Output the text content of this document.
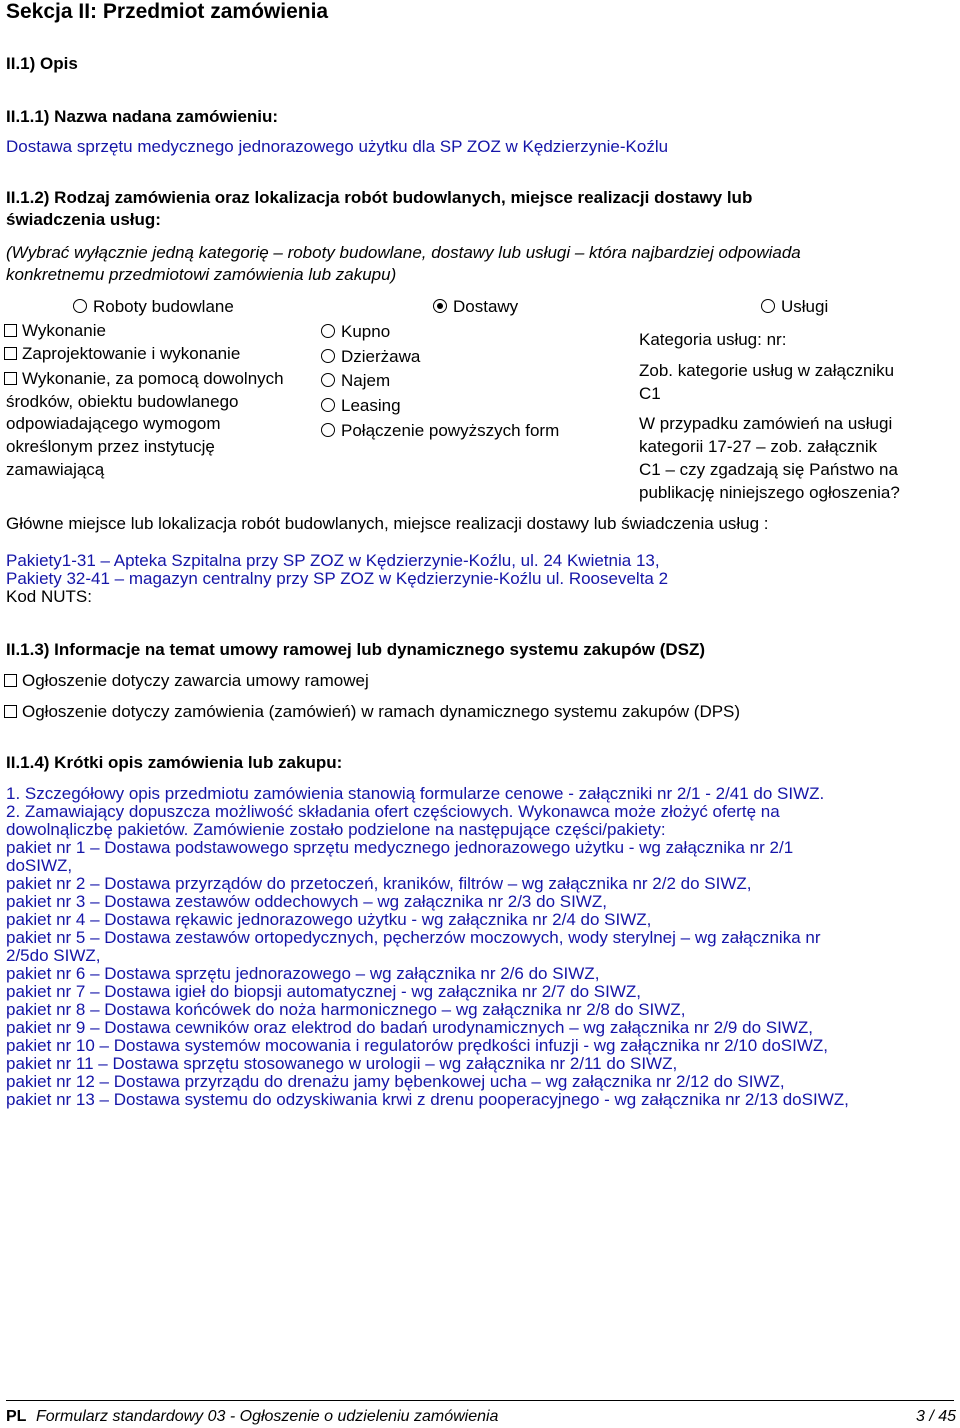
Sekcja II: Przedmiot zamówienia
II.1) Opis
II.1.1) Nazwa nadana zamówieniu:
Dostawa sprzętu medycznego jednorazowego użytku dla SP ZOZ w Kędzierzynie-Koźlu
II.1.2) Rodzaj zamówienia oraz lokalizacja robót budowlanych, miejsce realizacji dostawy lub
świadczenia usług:
(Wybrać wyłącznie jedną kategorię – roboty budowlane, dostawy lub usługi – która najbardziej odpowiada
konkretnemu przedmiotowi zamówienia lub zakupu)
Roboty budowlane	Dostawy	Usługi
Wykonanie
Zaprojektowanie i wykonanie
Wykonanie, za pomocą dowolnych
środków, obiektu budowlanego
odpowiadającego wymogom
określonym przez instytucję
zamawiającą
Kupno
Dzierżawa
Najem
Leasing
Połączenie powyższych form
Kategoria usług: nr:
Zob. kategorie usług w załączniku
C1
W przypadku zamówień na usługi
kategorii 17-27 – zob. załącznik
C1 – czy zgadzają się Państwo na
publikację niniejszego ogłoszenia?
Główne miejsce lub lokalizacja robót budowlanych, miejsce realizacji dostawy lub świadczenia usług :
Pakiety1-31 – Apteka Szpitalna przy SP ZOZ w Kędzierzynie-Koźlu, ul. 24 Kwietnia 13,
Pakiety 32-41 – magazyn centralny przy SP ZOZ w Kędzierzynie-Koźlu ul. Roosevelta 2
Kod NUTS:
II.1.3) Informacje na temat umowy ramowej lub dynamicznego systemu zakupów (DSZ)
Ogłoszenie dotyczy zawarcia umowy ramowej
Ogłoszenie dotyczy zamówienia (zamówień) w ramach dynamicznego systemu zakupów (DPS)
II.1.4) Krótki opis zamówienia lub zakupu:
1. Szczegółowy opis przedmiotu zamówienia stanowią formularze cenowe - załączniki nr 2/1 - 2/41 do SIWZ.
2. Zamawiający dopuszcza możliwość składania ofert częściowych. Wykonawca może złożyć ofertę na
dowolnąliczbę pakietów. Zamówienie zostało podzielone na następujące części/pakiety:
pakiet nr 1 – Dostawa podstawowego sprzętu medycznego jednorazowego użytku - wg załącznika nr 2/1
doSIWZ,
pakiet nr 2 – Dostawa przyrządów do przetoczeń, kraników, filtrów – wg załącznika nr 2/2 do SIWZ,
pakiet nr 3 – Dostawa zestawów oddechowych – wg załącznika nr 2/3 do SIWZ,
pakiet nr 4 – Dostawa rękawic jednorazowego użytku - wg załącznika nr 2/4 do SIWZ,
pakiet nr 5 – Dostawa zestawów ortopedycznych, pęcherzów moczowych, wody sterylnej – wg załącznika nr
2/5do SIWZ,
pakiet nr 6 – Dostawa sprzętu jednorazowego – wg załącznika nr 2/6 do SIWZ,
pakiet nr 7 – Dostawa igieł do biopsji automatycznej - wg załącznika nr 2/7 do SIWZ,
pakiet nr 8 – Dostawa końcówek do noża harmonicznego – wg załącznika nr 2/8 do SIWZ,
pakiet nr 9 – Dostawa cewników oraz elektrod do badań urodynamicznych – wg załącznika nr 2/9 do SIWZ,
pakiet nr 10 – Dostawa systemów mocowania i regulatorów prędkości infuzji - wg załącznika nr 2/10 doSIWZ,
pakiet nr 11 – Dostawa sprzętu stosowanego w urologii – wg załącznika nr 2/11 do SIWZ,
pakiet nr 12 – Dostawa przyrządu do drenażu jamy bębenkowej ucha – wg załącznika nr 2/12 do SIWZ,
pakiet nr 13 – Dostawa systemu do odzyskiwania krwi z drenu pooperacyjnego - wg załącznika nr 2/13 doSIWZ,
PL Formularz standardowy 03 - Ogłoszenie o udzieleniu zamówienia	3 / 45
